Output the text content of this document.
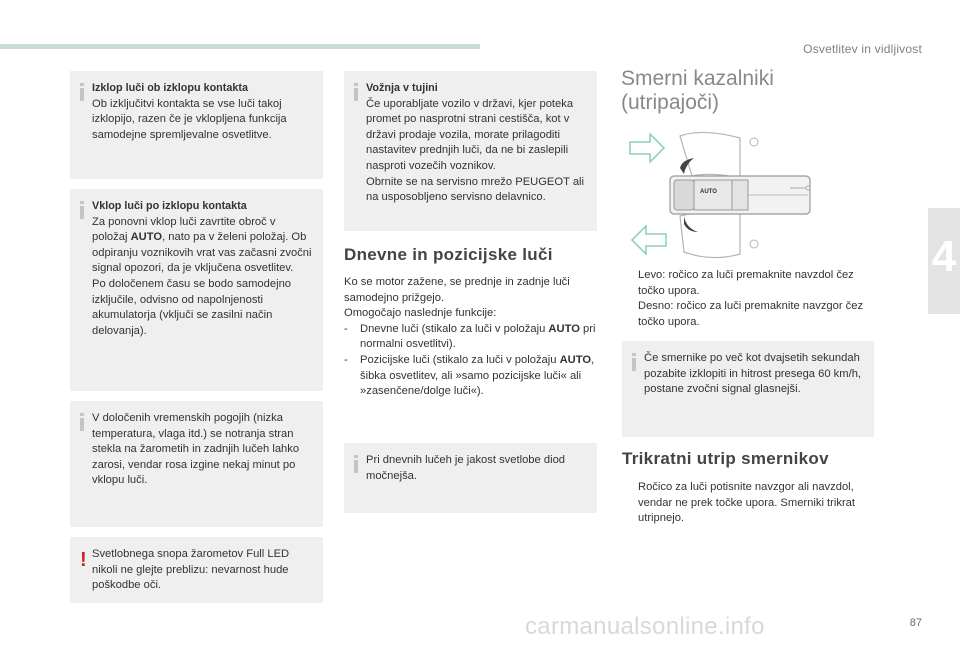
Osvetlitev in vidljivost
4
Izklop luči ob izklopu kontakta
Ob izključitvi kontakta se vse luči takoj izklopijo, razen če je vklopljena funkcija samodejne spremljevalne osvetlitve.
Vklop luči po izklopu kontakta
Za ponovni vklop luči zavrtite obroč v položaj AUTO, nato pa v želeni položaj. Ob odpiranju voznikovih vrat vas začasni zvočni signal opozori, da je vključena osvetlitev.
Po določenem času se bodo samodejno izključile, odvisno od napolnjenosti akumulatorja (vključi se zasilni način delovanja).
V določenih vremenskih pogojih (nizka temperatura, vlaga itd.) se notranja stran stekla na žarometih in zadnjih lučeh lahko zarosi, vendar rosa izgine nekaj minut po vklopu luči.
! Svetlobnega snopa žarometov Full LED nikoli ne glejte preblizu: nevarnost hude poškodbe oči.
Vožnja v tujini
Če uporabljate vozilo v državi, kjer poteka promet po nasprotni strani cestišča, kot v državi prodaje vozila, morate prilagoditi nastavitev prednjih luči, da ne bi zaslepili nasproti vozečih voznikov.
Obrnite se na servisno mrežo PEUGEOT ali na usposobljeno servisno delavnico.
Dnevne in pozicijske luči
Ko se motor zažene, se prednje in zadnje luči samodejno prižgejo.
Omogočajo naslednje funkcije:
- Dnevne luči (stikalo za luči v položaju AUTO pri normalni osvetlitvi).
- Pozicijske luči (stikalo za luči v položaju AUTO, šibka osvetlitev, ali »samo pozicijske luči« ali »zasenčene/dolge luči«).
Pri dnevnih lučeh je jakost svetlobe diod močnejša.
Smerni kazalniki
(utripajoči)
AUTO
Levo: ročico za luči premaknite navzdol čez točko upora.
Desno: ročico za luči premaknite navzgor čez točko upora.
Če smernike po več kot dvajsetih sekundah pozabite izklopiti in hitrost presega 60 km/h, postane zvočni signal glasnejši.
Trikratni utrip smernikov
Ročico za luči potisnite navzgor ali navzdol, vendar ne prek točke upora. Smerniki trikrat utripnejo.
87
carmanualsonline.info
